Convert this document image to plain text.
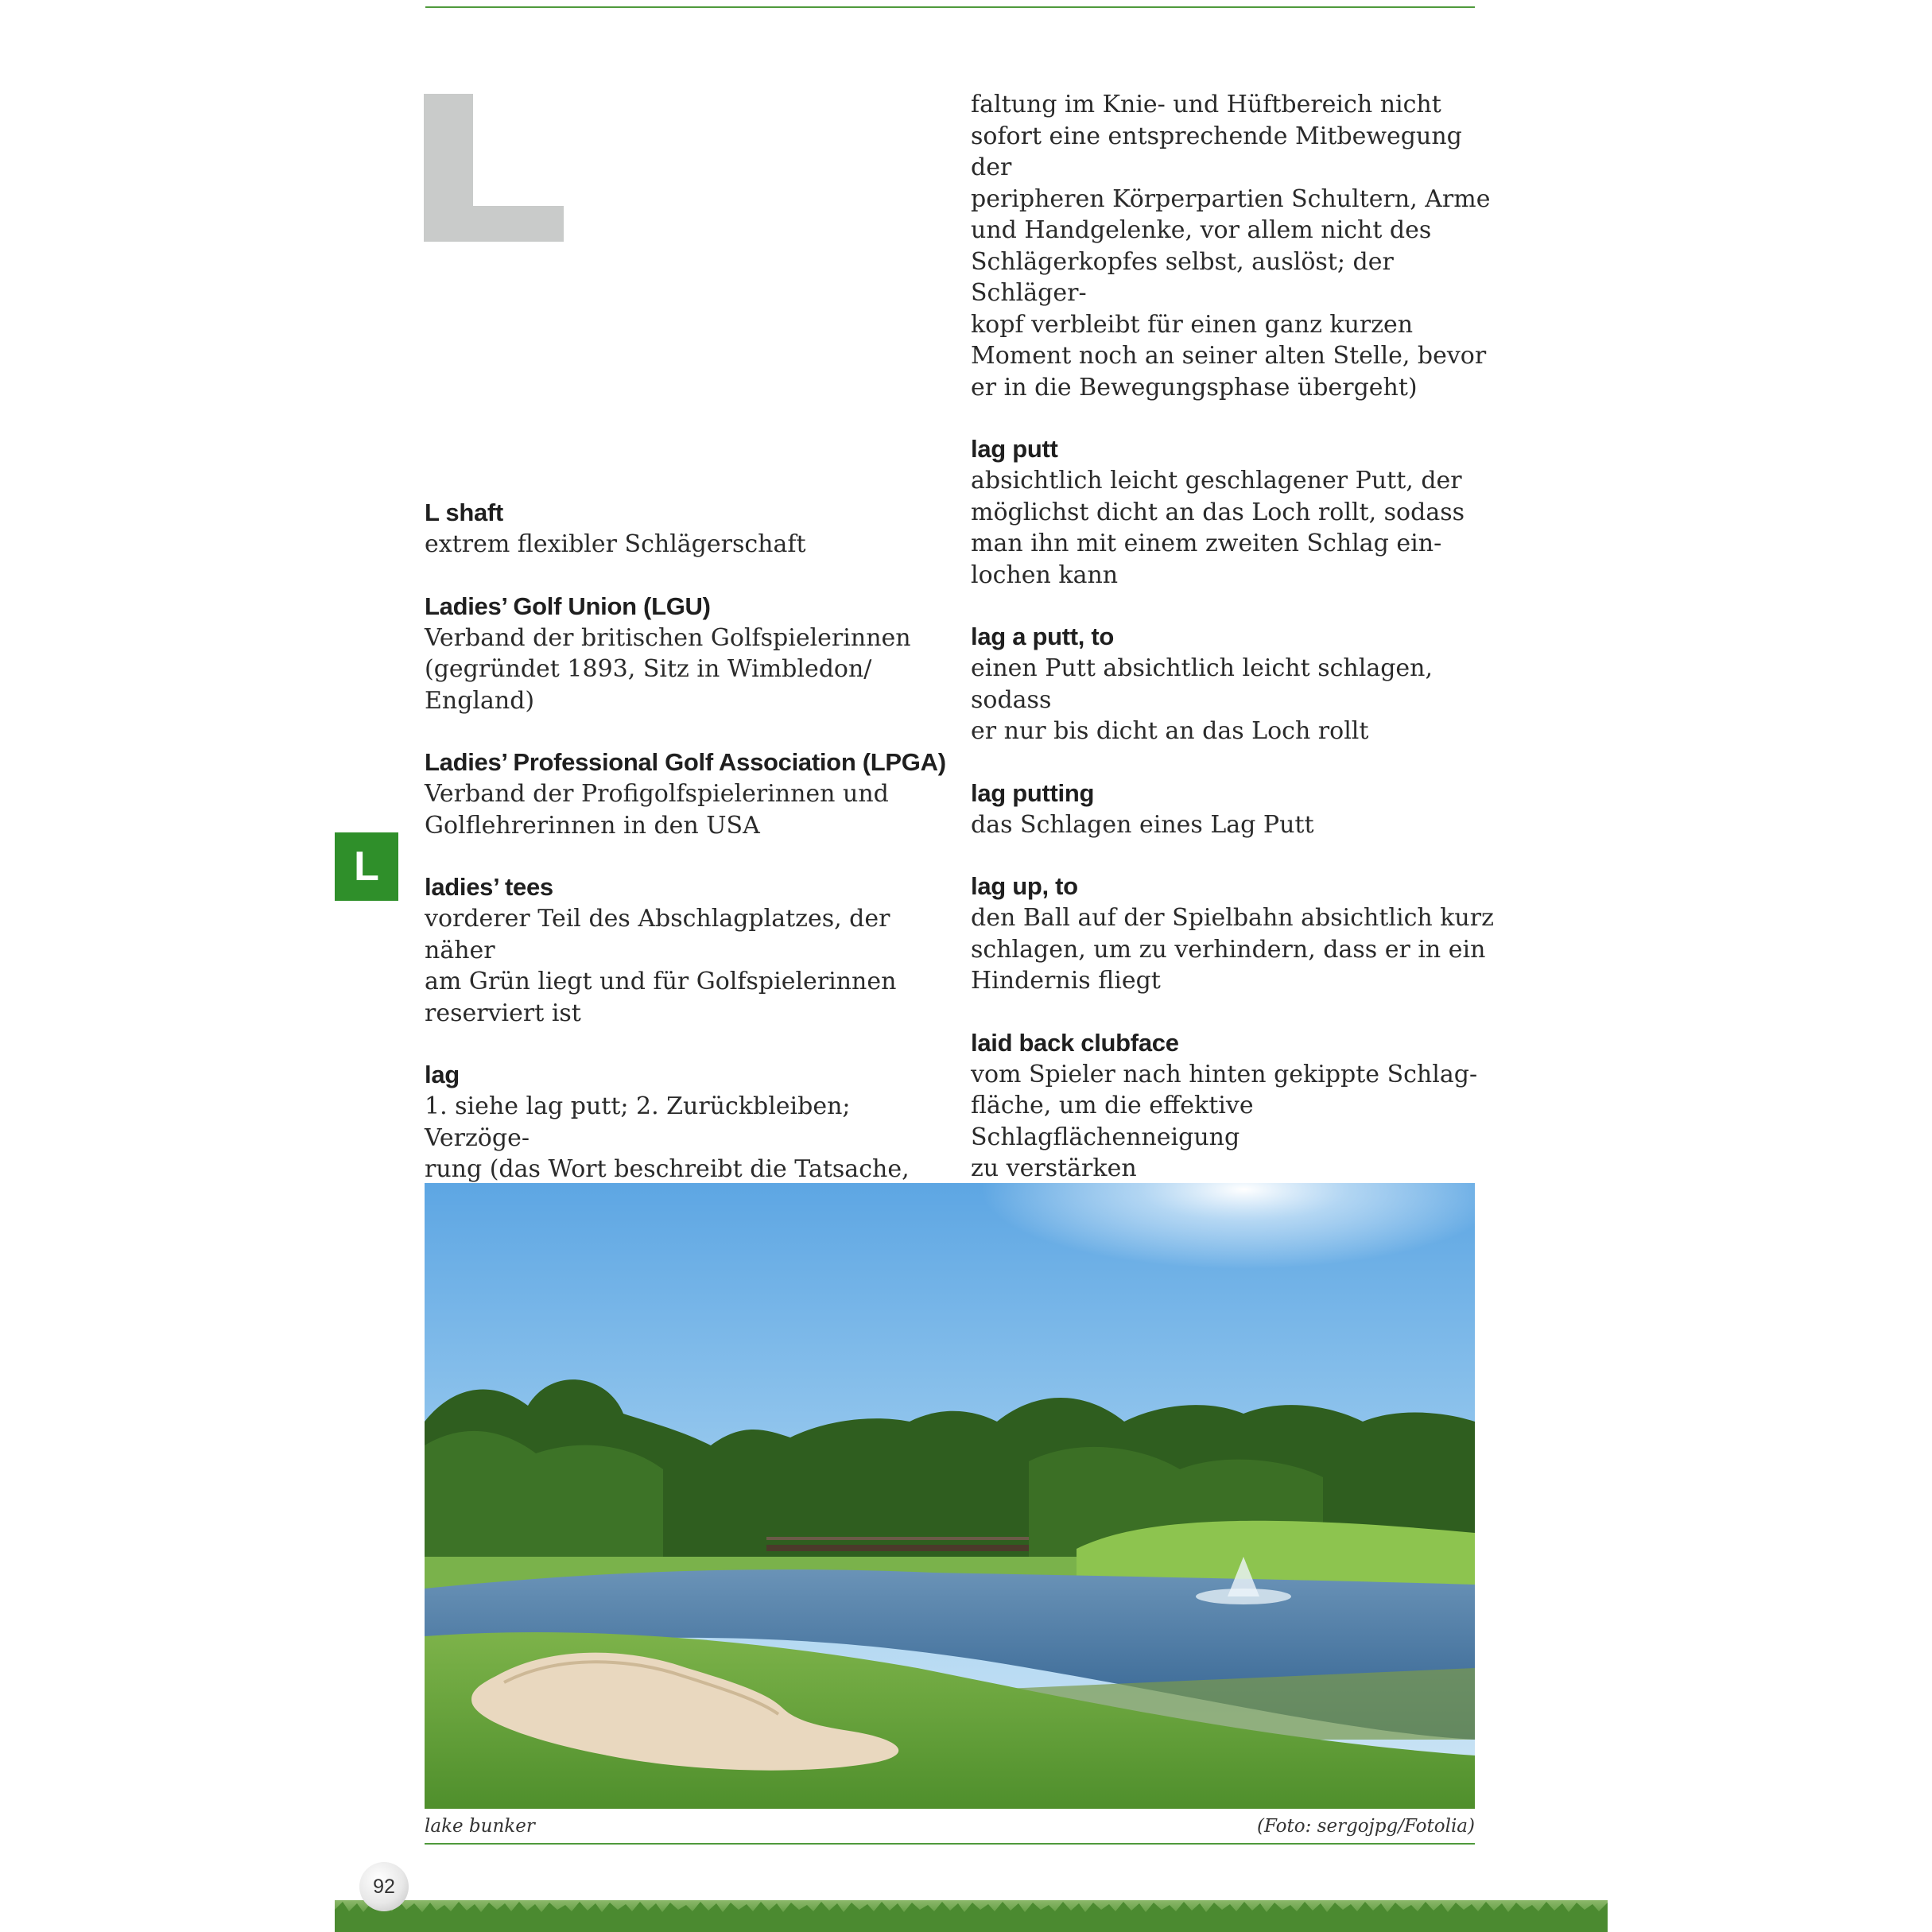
L shaft
extrem flexibler Schlägerschaft
Ladies’ Golf Union (LGU)
Verband der britischen Golfspielerinnen
(gegründet 1893, Sitz in Wimbledon/
England)
Ladies’ Professional Golf Association (LPGA)
Verband der Profigolfspielerinnen und
Golflehrerinnen in den USA
ladies’ tees
vorderer Teil des Abschlagplatzes, der näher
am Grün liegt und für Golfspielerinnen
reserviert ist
lag
1. siehe lag putt; 2. Zurückbleiben; Verzöge-
rung (das Wort beschreibt die Tatsache,

faltung im Knie- und Hüftbereich nicht
sofort eine entsprechende Mitbewegung der
peripheren Körperpartien Schultern, Arme
und Handgelenke, vor allem nicht des
Schlägerkopfes selbst, auslöst; der Schläger-
kopf verbleibt für einen ganz kurzen
Moment noch an seiner alten Stelle, bevor
er in die Bewegungsphase übergeht)
lag putt
absichtlich leicht geschlagener Putt, der
möglichst dicht an das Loch rollt, sodass
man ihn mit einem zweiten Schlag ein-
lochen kann
lag a putt, to
einen Putt absichtlich leicht schlagen, sodass
er nur bis dicht an das Loch rollt
lag putting
das Schlagen eines Lag Putt
lag up, to
den Ball auf der Spielbahn absichtlich kurz
schlagen, um zu verhindern, dass er in ein
Hindernis fliegt
laid back clubface
vom Spieler nach hinten gekippte Schlag-
fläche, um die effektive Schlagflächenneigung
zu verstärken
L
lake bunker	(Foto: sergojpg/Fotolia)
92
